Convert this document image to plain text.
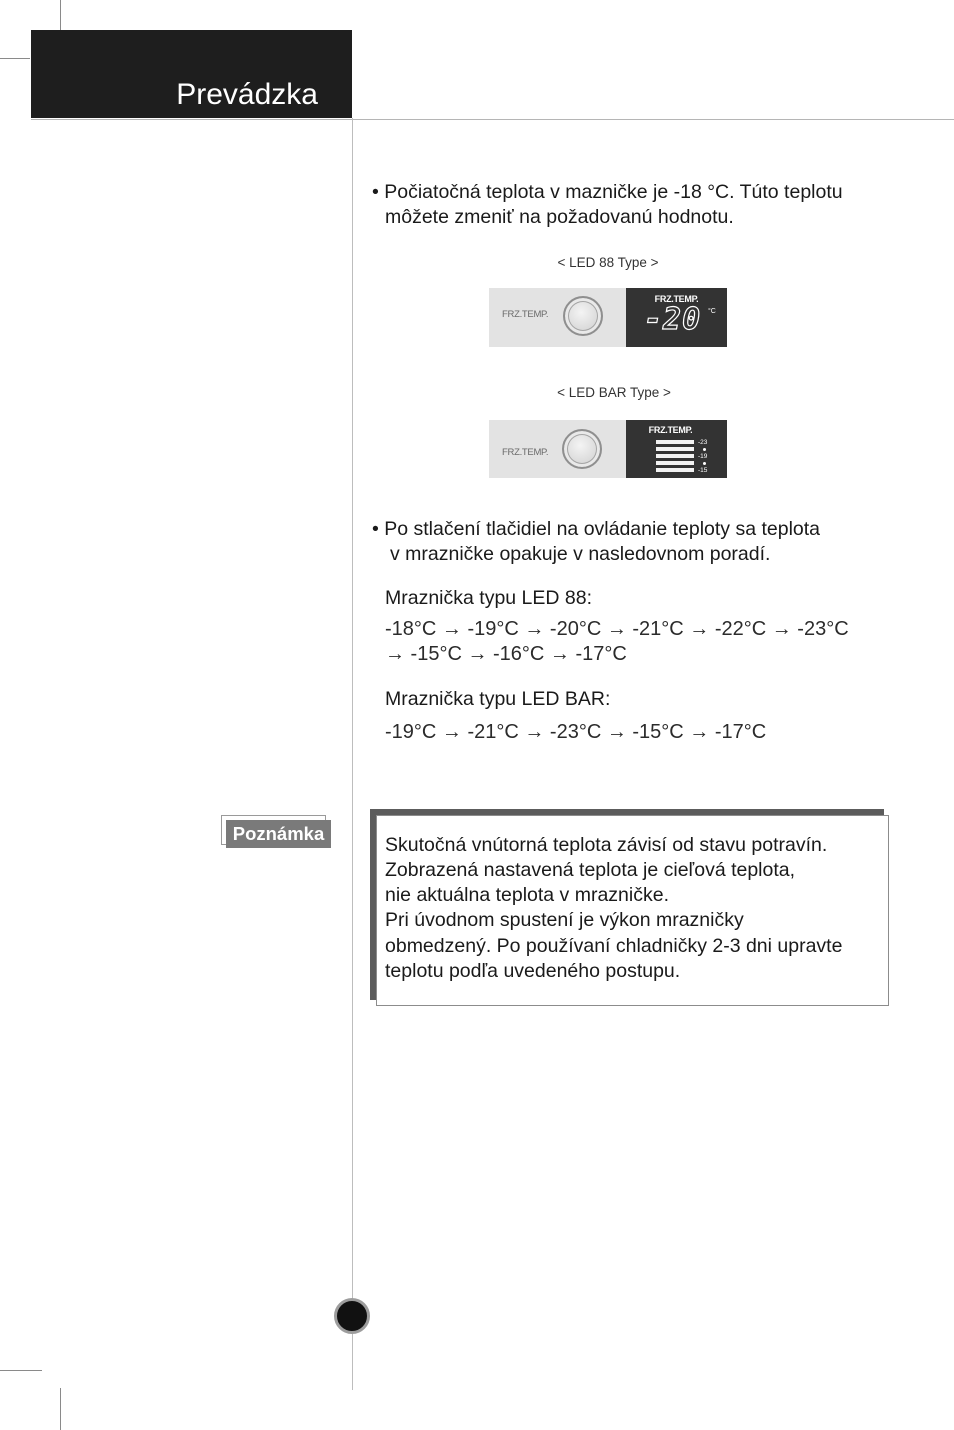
Prevádzka

• Počiatočná teplota v mazničke je -18 °C. Túto teplotu

môžete zmeniť na požadovanú hodnotu.

< LED 88 Type >
FRZ.TEMP.
FRZ.TEMP.
-20 °C
< LED BAR Type >
FRZ.TEMP.
FRZ.TEMP.
-23
-19
-15

• Po stlačení tlačidiel na ovládanie teploty sa teplota

v mrazničke opakuje v nasledovnom poradí.

Mraznička typu LED 88:

-18°C → -19°C → -20°C → -21°C → -22°C → -23°C

→ -15°C → -16°C → -17°C

Mraznička typu LED BAR:

-19°C → -21°C → -23°C → -15°C → -17°C

Poznámka

Skutočná vnútorná teplota závisí od stavu potravín.

Zobrazená nastavená teplota je cieľová teplota,

nie aktuálna teplota v mrazničke.

Pri úvodnom spustení je výkon mrazničky

obmedzený. Po používaní chladničky 2-3 dni upravte

teplotu podľa uvedeného postupu.
